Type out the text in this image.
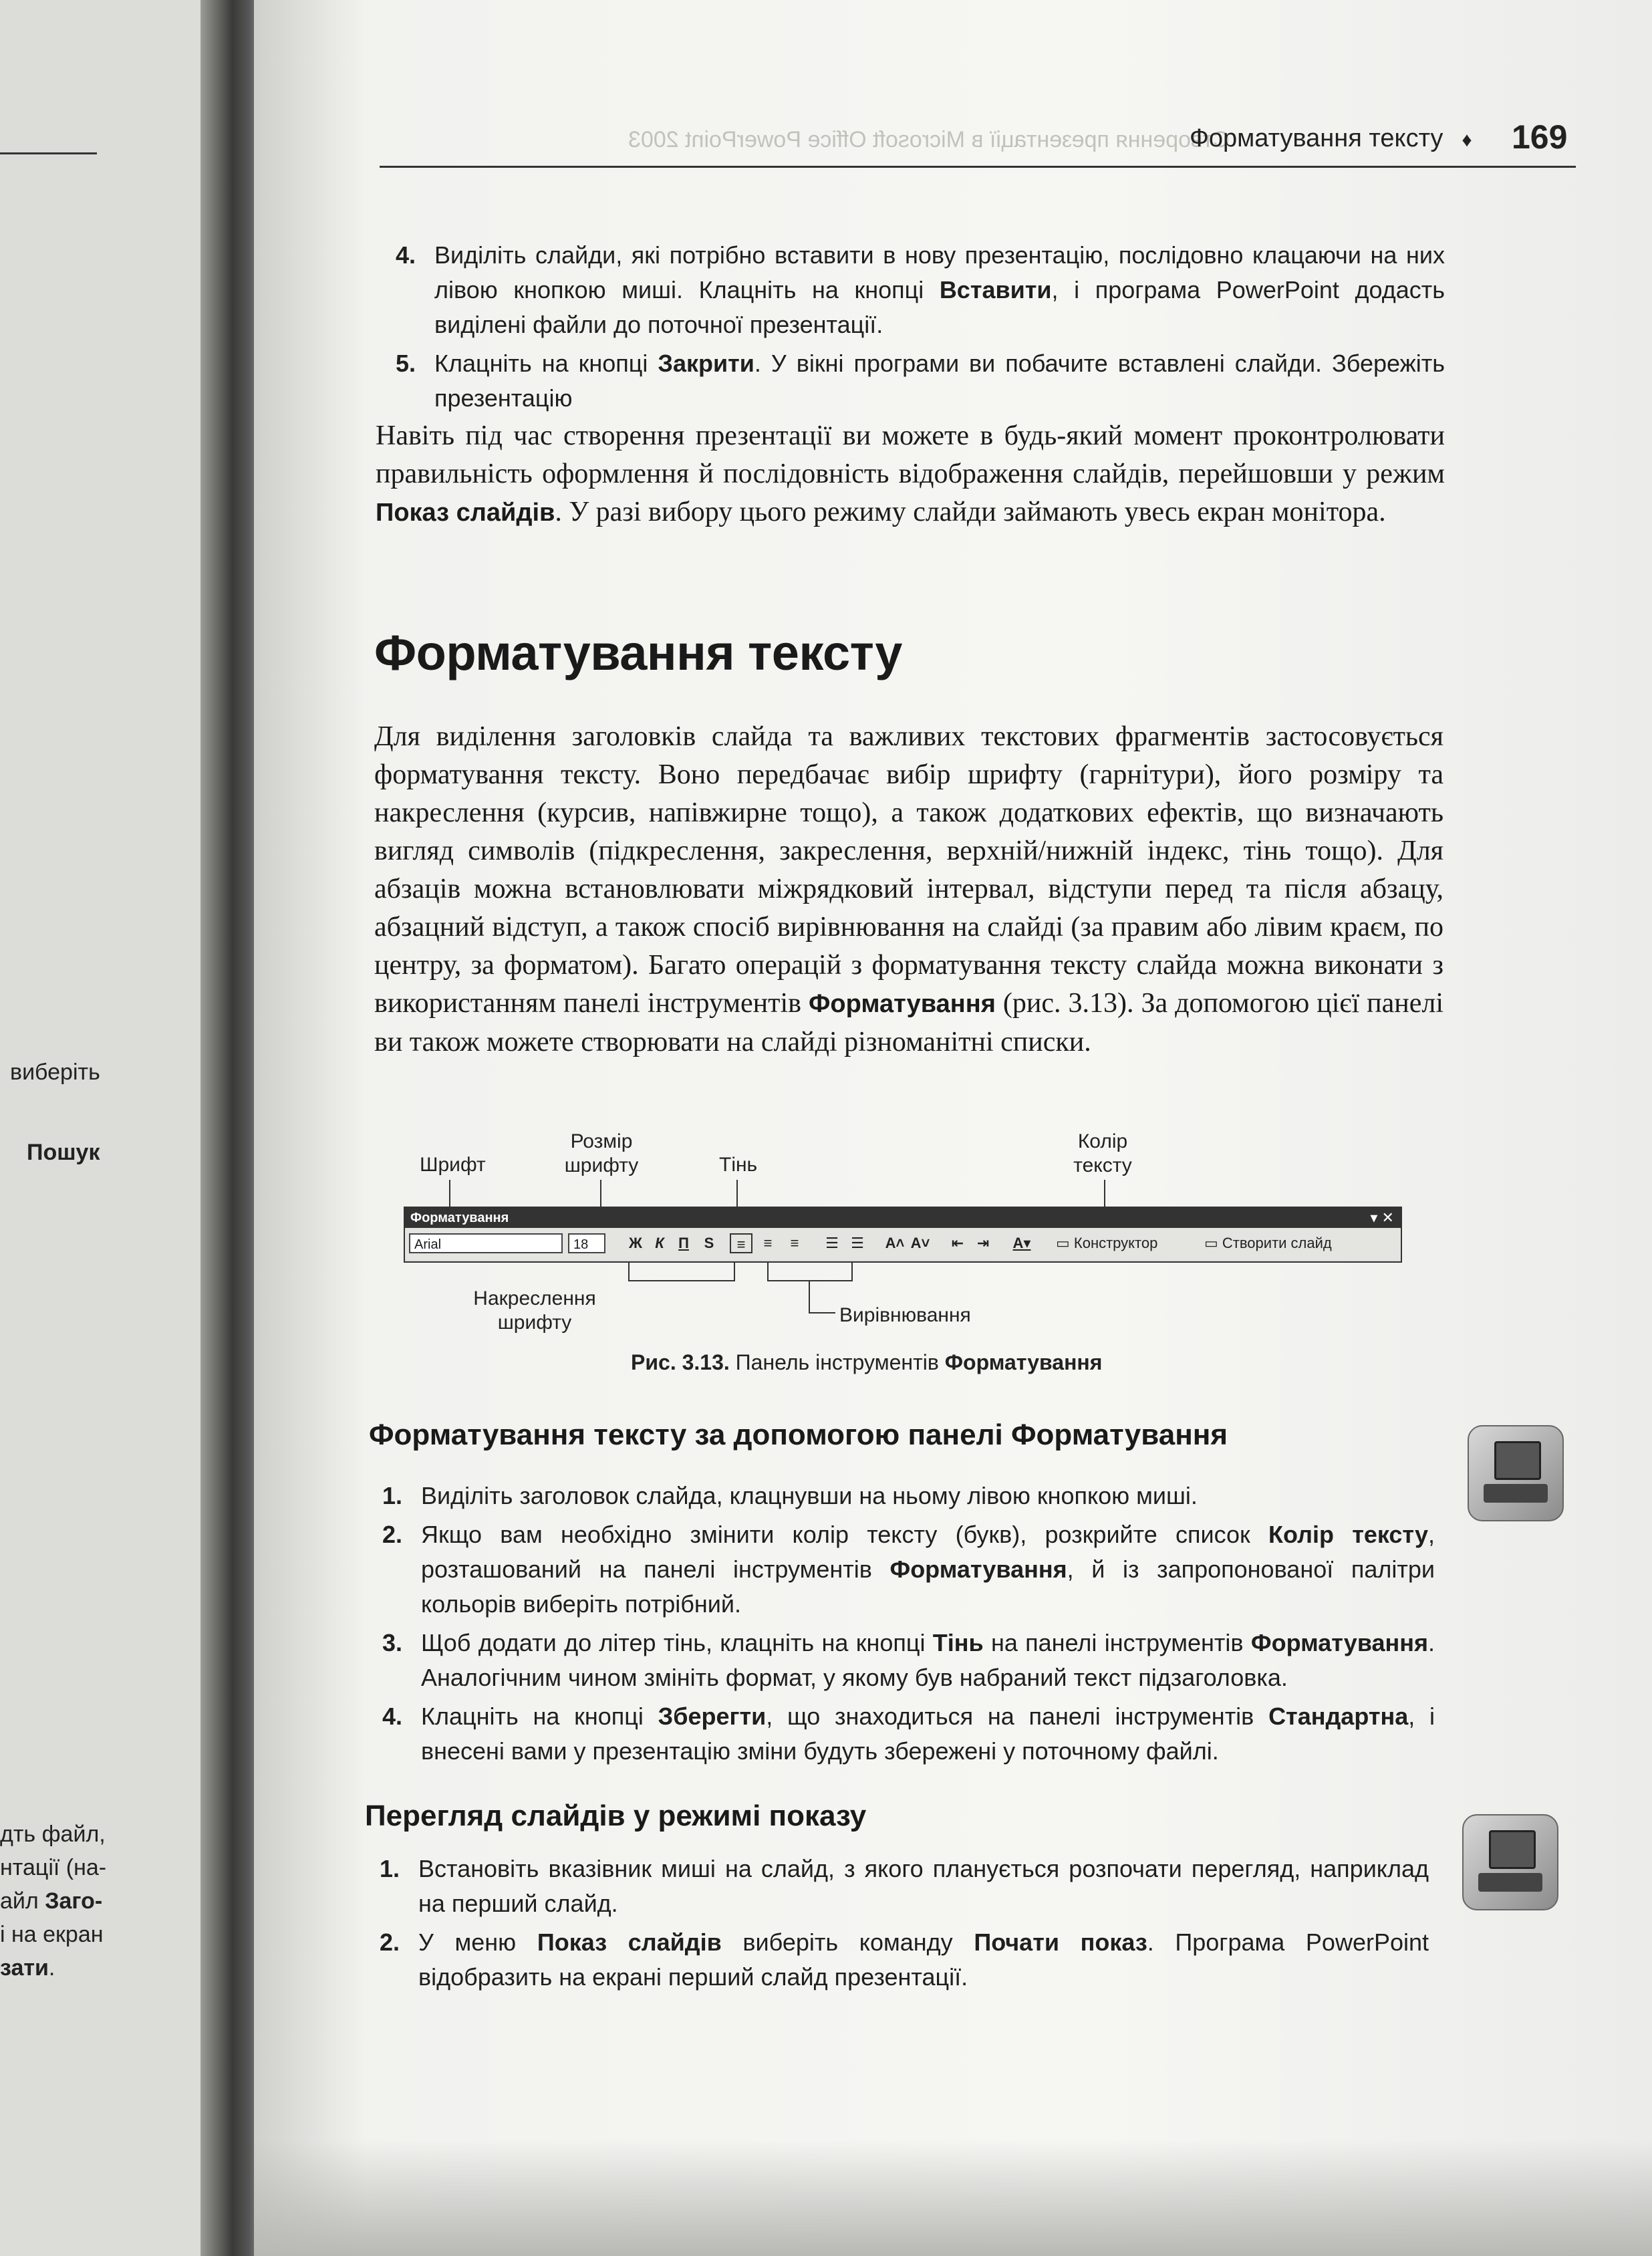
виберіть
Пошук
дть файл,
нтації (на-
айл Заго-
і на екран
зати.
Створення презентації в Microsoft Office PowerPoint 2003
Форматування тексту ♦	169
4. Виділіть слайди, які потрібно вставити в нову презентацію, послідовно клацаючи на них лівою кнопкою миші. Клацніть на кнопці Вставити, і програма PowerPoint додасть виділені файли до поточної презентації.
5. Клацніть на кнопці Закрити. У вікні програми ви побачите вставлені слайди. Збережіть презентацію
Навіть під час створення презентації ви можете в будь-який момент проконтролювати правильність оформлення й послідовність відображення слайдів, перейшовши у режим Показ слайдів. У разі вибору цього режиму слайди займають увесь екран монітора.
Форматування тексту
Для виділення заголовків слайда та важливих текстових фрагментів застосовується форматування тексту. Воно передбачає вибір шрифту (гарнітури), його розміру та накреслення (курсив, напівжирне тощо), а також додаткових ефектів, що визначають вигляд символів (підкреслення, закреслення, верхній/нижній індекс, тінь тощо). Для абзаців можна встановлювати міжрядковий інтервал, відступи перед та після абзацу, абзацний відступ, а також спосіб вирівнювання на слайді (за правим або лівим краєм, по центру, за форматом). Багато операцій з форматування тексту слайда можна виконати з використанням панелі інструментів Форматування (рис. 3.13). За допомогою цієї панелі ви також можете створювати на слайді різноманітні списки.
Шрифт
Розмір шрифту	Тінь
Колір тексту
Накреслення шрифту	Вирівнювання
Форматування	▾ ✕
Arial	18	Ж К П	S	≡	≡	≡	☰ ☰	A˄ A˅	⇤ ⇥	A▾	▭ Конструктор	▭ Створити слайд
Рис. 3.13. Панель інструментів Форматування
Форматування тексту за допомогою панелі Форматування
1. Виділіть заголовок слайда, клацнувши на ньому лівою кнопкою миші.
2. Якщо вам необхідно змінити колір тексту (букв), розкрийте список Колір тексту, розташований на панелі інструментів Форматування, й із запропонованої палітри кольорів виберіть потрібний.
3. Щоб додати до літер тінь, клацніть на кнопці Тінь на панелі інструментів Форматування. Аналогічним чином змініть формат, у якому був набраний текст підзаголовка.
4. Клацніть на кнопці Зберегти, що знаходиться на панелі інструментів Стандартна, і внесені вами у презентацію зміни будуть збережені у поточному файлі.
Перегляд слайдів у режимі показу
1. Встановіть вказівник миші на слайд, з якого планується розпочати перегляд, наприклад на перший слайд.
2. У меню Показ слайдів виберіть команду Почати показ. Програма PowerPoint відобразить на екрані перший слайд презентації.
